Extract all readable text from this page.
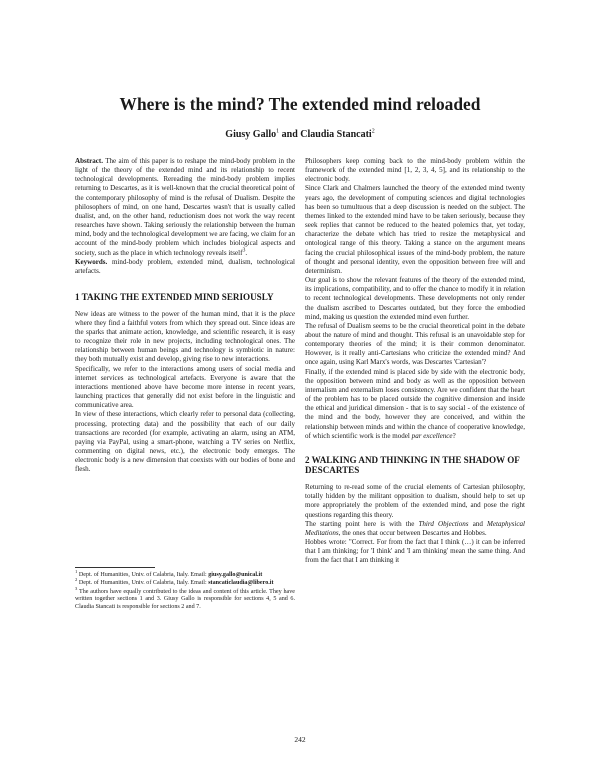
Where is the mind? The extended mind reloaded
Giusy Gallo$^1$ and Claudia Stancati$^2$

Abstract. The aim of this paper is to reshape the mind-body problem in the light of the theory of the extended mind and its relationship to recent technological developments. Rereading the mind-body problem implies returning to Descartes, as it is well-known that the crucial theoretical point of the contemporary philosophy of mind is the refusal of Dualism. Despite the philosophers of mind, on one hand, Descartes wasn't that is usually called dualist, and, on the other hand, reductionism does not work the way recent researches have shown. Taking seriously the relationship between the human mind, body and the technological development we are facing, we claim for an account of the mind-body problem which includes biological aspects and society, such as the place in which technology reveals itself$^3$.

Keywords. mind-body problem, extended mind, dualism, technological artefacts.

1 TAKING THE EXTENDED MIND SERIOUSLY

New ideas are witness to the power of the human mind, that it is the place where they find a faithful voters from which they spread out. Since ideas are the sparks that animate action, knowledge, and scientific research, it is easy to recognize their role in new projects, including technological ones. The relationship between human beings and technology is symbiotic in nature: they both mutually exist and develop, giving rise to new interactions.

Specifically, we refer to the interactions among users of social media and internet services as technological artefacts. Everyone is aware that the interactions mentioned above have become more intense in recent years, launching practices that generally did not exist before in the linguistic and communicative area.

In view of these interactions, which clearly refer to personal data (collecting, processing, protecting data) and the possibility that each of our daily transactions are recorded (for example, activating an alarm, using an ATM, paying via PayPal, using a smart-phone, watching a TV series on Netflix, commenting on digital news, etc.), the electronic body emerges. The electronic body is a new dimension that coexists with our bodies of bone and flesh.

$^1$ Dept. of Humanities, Univ. of Calabria, Italy. Email: giusy.gallo@unical.it

$^2$ Dept. of Humanities, Univ. of Calabria, Italy. Email: stancaticlaudia@libero.it

$^3$ The authors have equally contributed to the ideas and content of this article. They have written together sections 1 and 3. Giusy Gallo is responsible for sections 4, 5 and 6. Claudia Stancati is responsible for sections 2 and 7.

Philosophers keep coming back to the mind-body problem within the framework of the extended mind [1, 2, 3, 4, 5], and its relationship to the electronic body.

Since Clark and Chalmers launched the theory of the extended mind twenty years ago, the development of computing sciences and digital technologies has been so tumultuous that a deep discussion is needed on the subject. The themes linked to the extended mind have to be taken seriously, because they seek replies that cannot be reduced to the heated polemics that, yet today, characterize the debate which has tried to resize the metaphysical and ontological range of this theory. Taking a stance on the argument means facing the crucial philosophical issues of the mind-body problem, the nature of thought and personal identity, even the opposition between free will and determinism.

Our goal is to show the relevant features of the theory of the extended mind, its implications, compatibility, and to offer the chance to modify it in relation to recent technological developments. These developments not only render the dualism ascribed to Descartes outdated, but they force the embodied mind, making us question the extended mind even further.

The refusal of Dualism seems to be the crucial theoretical point in the debate about the nature of mind and thought. This refusal is an unavoidable step for contemporary theories of the mind; it is their common denominator. However, is it really anti-Cartesians who criticize the extended mind? And once again, using Karl Marx's words, was Descartes 'Cartesian'?

Finally, if the extended mind is placed side by side with the electronic body, the opposition between mind and body as well as the opposition between internalism and externalism loses consistency. Are we confident that the heart of the problem has to be placed outside the cognitive dimension and inside the ethical and juridical dimension - that is to say social - of the existence of the mind and the body, however they are conceived, and within the relationship between minds and within the chance of cooperative knowledge, of which scientific work is the model par excellence?

2 WALKING AND THINKING IN THE SHADOW OF DESCARTES

Returning to re-read some of the crucial elements of Cartesian philosophy, totally hidden by the militant opposition to dualism, should help to set up more appropriately the problem of the extended mind, and pose the right questions regarding this theory.

The starting point here is with the Third Objections and Metaphysical Meditations, the ones that occur between Descartes and Hobbes.

Hobbes wrote: "Correct. For from the fact that I think (…) it can be inferred that I am thinking; for 'I think' and 'I am thinking' mean the same thing. And from the fact that I am thinking it

242
